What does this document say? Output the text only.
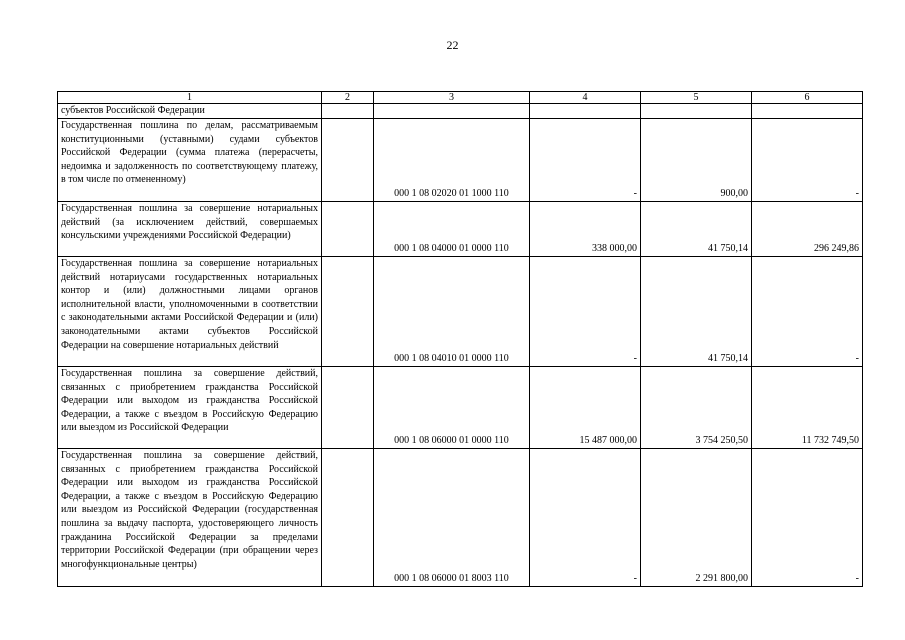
22
1	2	3	4	5	6
субъектов Российской Федерации					
Государственная пошлина по делам, рассматриваемым конституционными (уставными) судами субъектов Российской Федерации (сумма платежа (перерасчеты, недоимка и задолженность по соответствующему платежу, в том числе по отмененному)		000 1 08 02020 01 1000 110	-	900,00	-
Государственная пошлина за совершение нотариальных действий (за исключением действий, совершаемых консульскими учреждениями Российской Федерации)		000 1 08 04000 01 0000 110	338 000,00	41 750,14	296 249,86
Государственная пошлина за совершение нотариальных действий нотариусами государственных нотариальных контор и (или) должностными лицами органов исполнительной власти, уполномоченными в соответствии с законодательными актами Российской Федерации и (или) законодательными актами субъектов Российской Федерации на совершение нотариальных действий		000 1 08 04010 01 0000 110	-	41 750,14	-
Государственная пошлина за совершение действий, связанных с приобретением гражданства Российской Федерации или выходом из гражданства Российской Федерации, а также с въездом в Российскую Федерацию или выездом из Российской Федерации		000 1 08 06000 01 0000 110	15 487 000,00	3 754 250,50	11 732 749,50
Государственная пошлина за совершение действий, связанных с приобретением гражданства Российской Федерации или выходом из гражданства Российской Федерации, а также с въездом в Российскую Федерацию или выездом из Российской Федерации (государственная пошлина за выдачу паспорта, удостоверяющего личность гражданина Российской Федерации за пределами территории Российской Федерации (при обращении через многофункциональные центры)		000 1 08 06000 01 8003 110	-	2 291 800,00	-
